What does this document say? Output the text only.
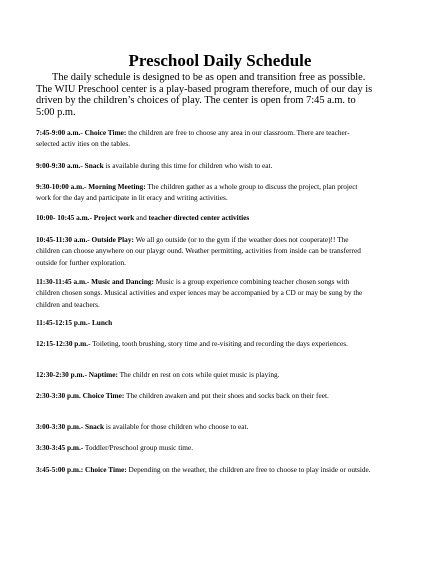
Preschool Daily Schedule
The daily schedule is designed to be as open and transition free as possible. The WIU Preschool center is a play-based program therefore, much of our day is driven by the children’s choices of play. The center is open from 7:45 a.m. to 5:00 p.m.
7:45-9:00 a.m.- Choice Time: the children are free to choose any area in our classroom. There are teacher-selected activ ities on the tables.
9:00-9:30 a.m.- Snack is available during this time for children who wish to eat.
9:30-10:00 a.m.- Morning Meeting: The children gather as a whole group to discuss the project, plan project work for the day and participate in lit eracy and writing activities.
10:00- 10:45 a.m.- Project work and teacher directed center activities
10:45-11:30 a.m.- Outside Play: We all go outside (or to the gym if the weather does not cooperate)!! The children can choose anywhere on our playgr ound. Weather permitting, activities from inside can be transferred outside for further exploration.
11:30-11:45 a.m.- Music and Dancing: Music is a group experience combining teacher chosen songs with children chosen songs. Musical activities and exper iences may be accompanied by a CD or may be sung by the children and teachers.
11:45-12:15 p.m.- Lunch
12:15-12:30 p.m.- Toileting, tooth brushing, story time and re-visiting and recording the days experiences.
12:30-2:30 p.m.- Naptime: The childr en rest on cots while quiet music is playing.
2:30-3:30 p.m. Choice Time: The children awaken and put their shoes and socks back on their feet.
3:00-3:30 p.m.- Snack is available for those children who choose to eat.
3:30-3:45 p.m.- Toddler/Preschool group music time.
3:45-5:00 p.m.: Choice Time: Depending on the weather, the children are free to choose to play inside or outside.
